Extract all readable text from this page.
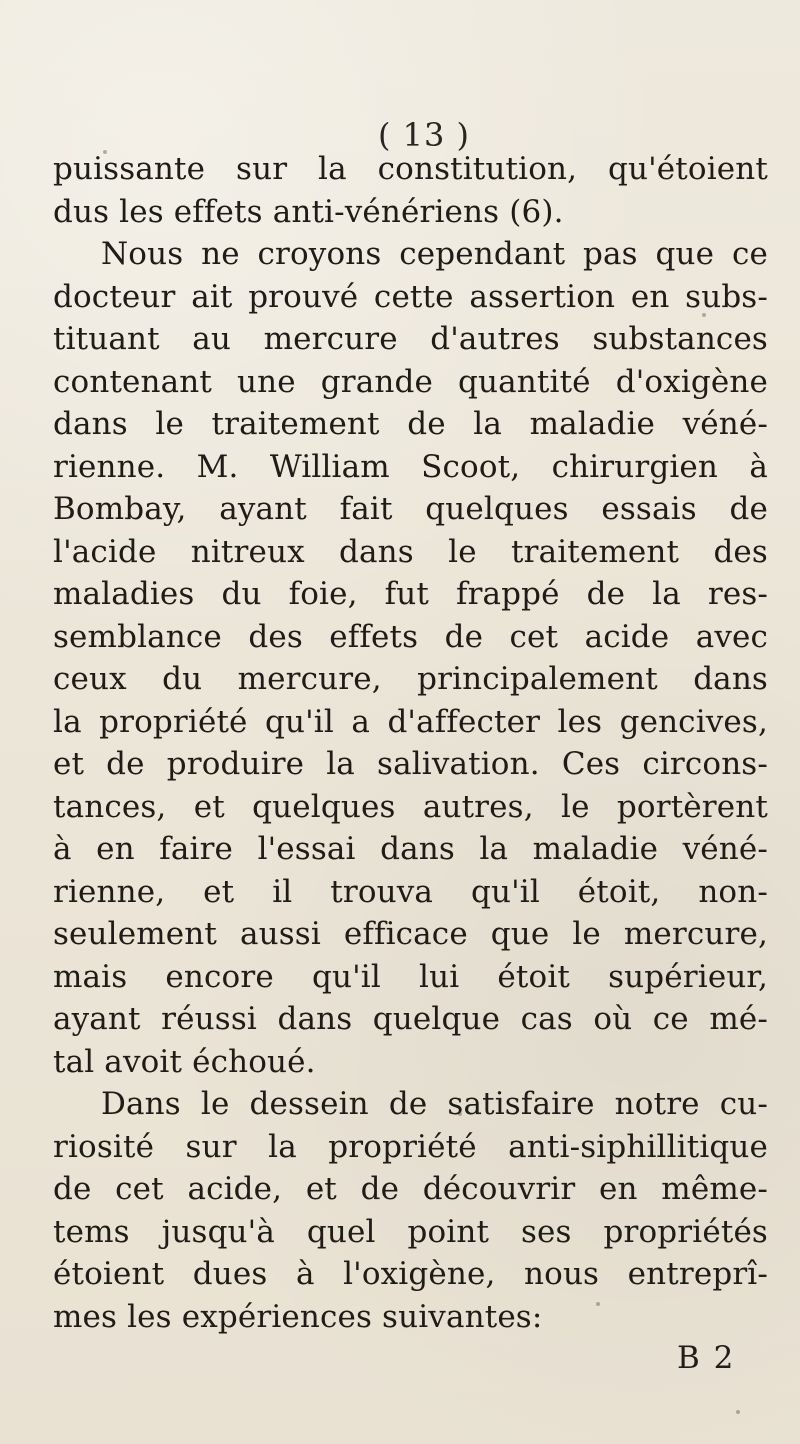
( 13 )
puissante sur la constitution, qu'étoient
dus les effets anti-vénériens (6).
Nous ne croyons cependant pas que ce
docteur ait prouvé cette assertion en subs-
tituant au mercure d'autres substances
contenant une grande quantité d'oxigène
dans le traitement de la maladie véné-
rienne. M. William Scoot, chirurgien à
Bombay, ayant fait quelques essais de
l'acide nitreux dans le traitement des
maladies du foie, fut frappé de la res-
semblance des effets de cet acide avec
ceux du mercure, principalement dans
la propriété qu'il a d'affecter les gencives,
et de produire la salivation. Ces circons-
tances, et quelques autres, le portèrent
à en faire l'essai dans la maladie véné-
rienne, et il trouva qu'il étoit, non-
seulement aussi efficace que le mercure,
mais encore qu'il lui étoit supérieur,
ayant réussi dans quelque cas où ce mé-
tal avoit échoué.
Dans le dessein de satisfaire notre cu-
riosité sur la propriété anti-siphillitique
de cet acide, et de découvrir en même-
tems jusqu'à quel point ses propriétés
étoient dues à l'oxigène, nous entreprî-
mes les expériences suivantes:
B 2
